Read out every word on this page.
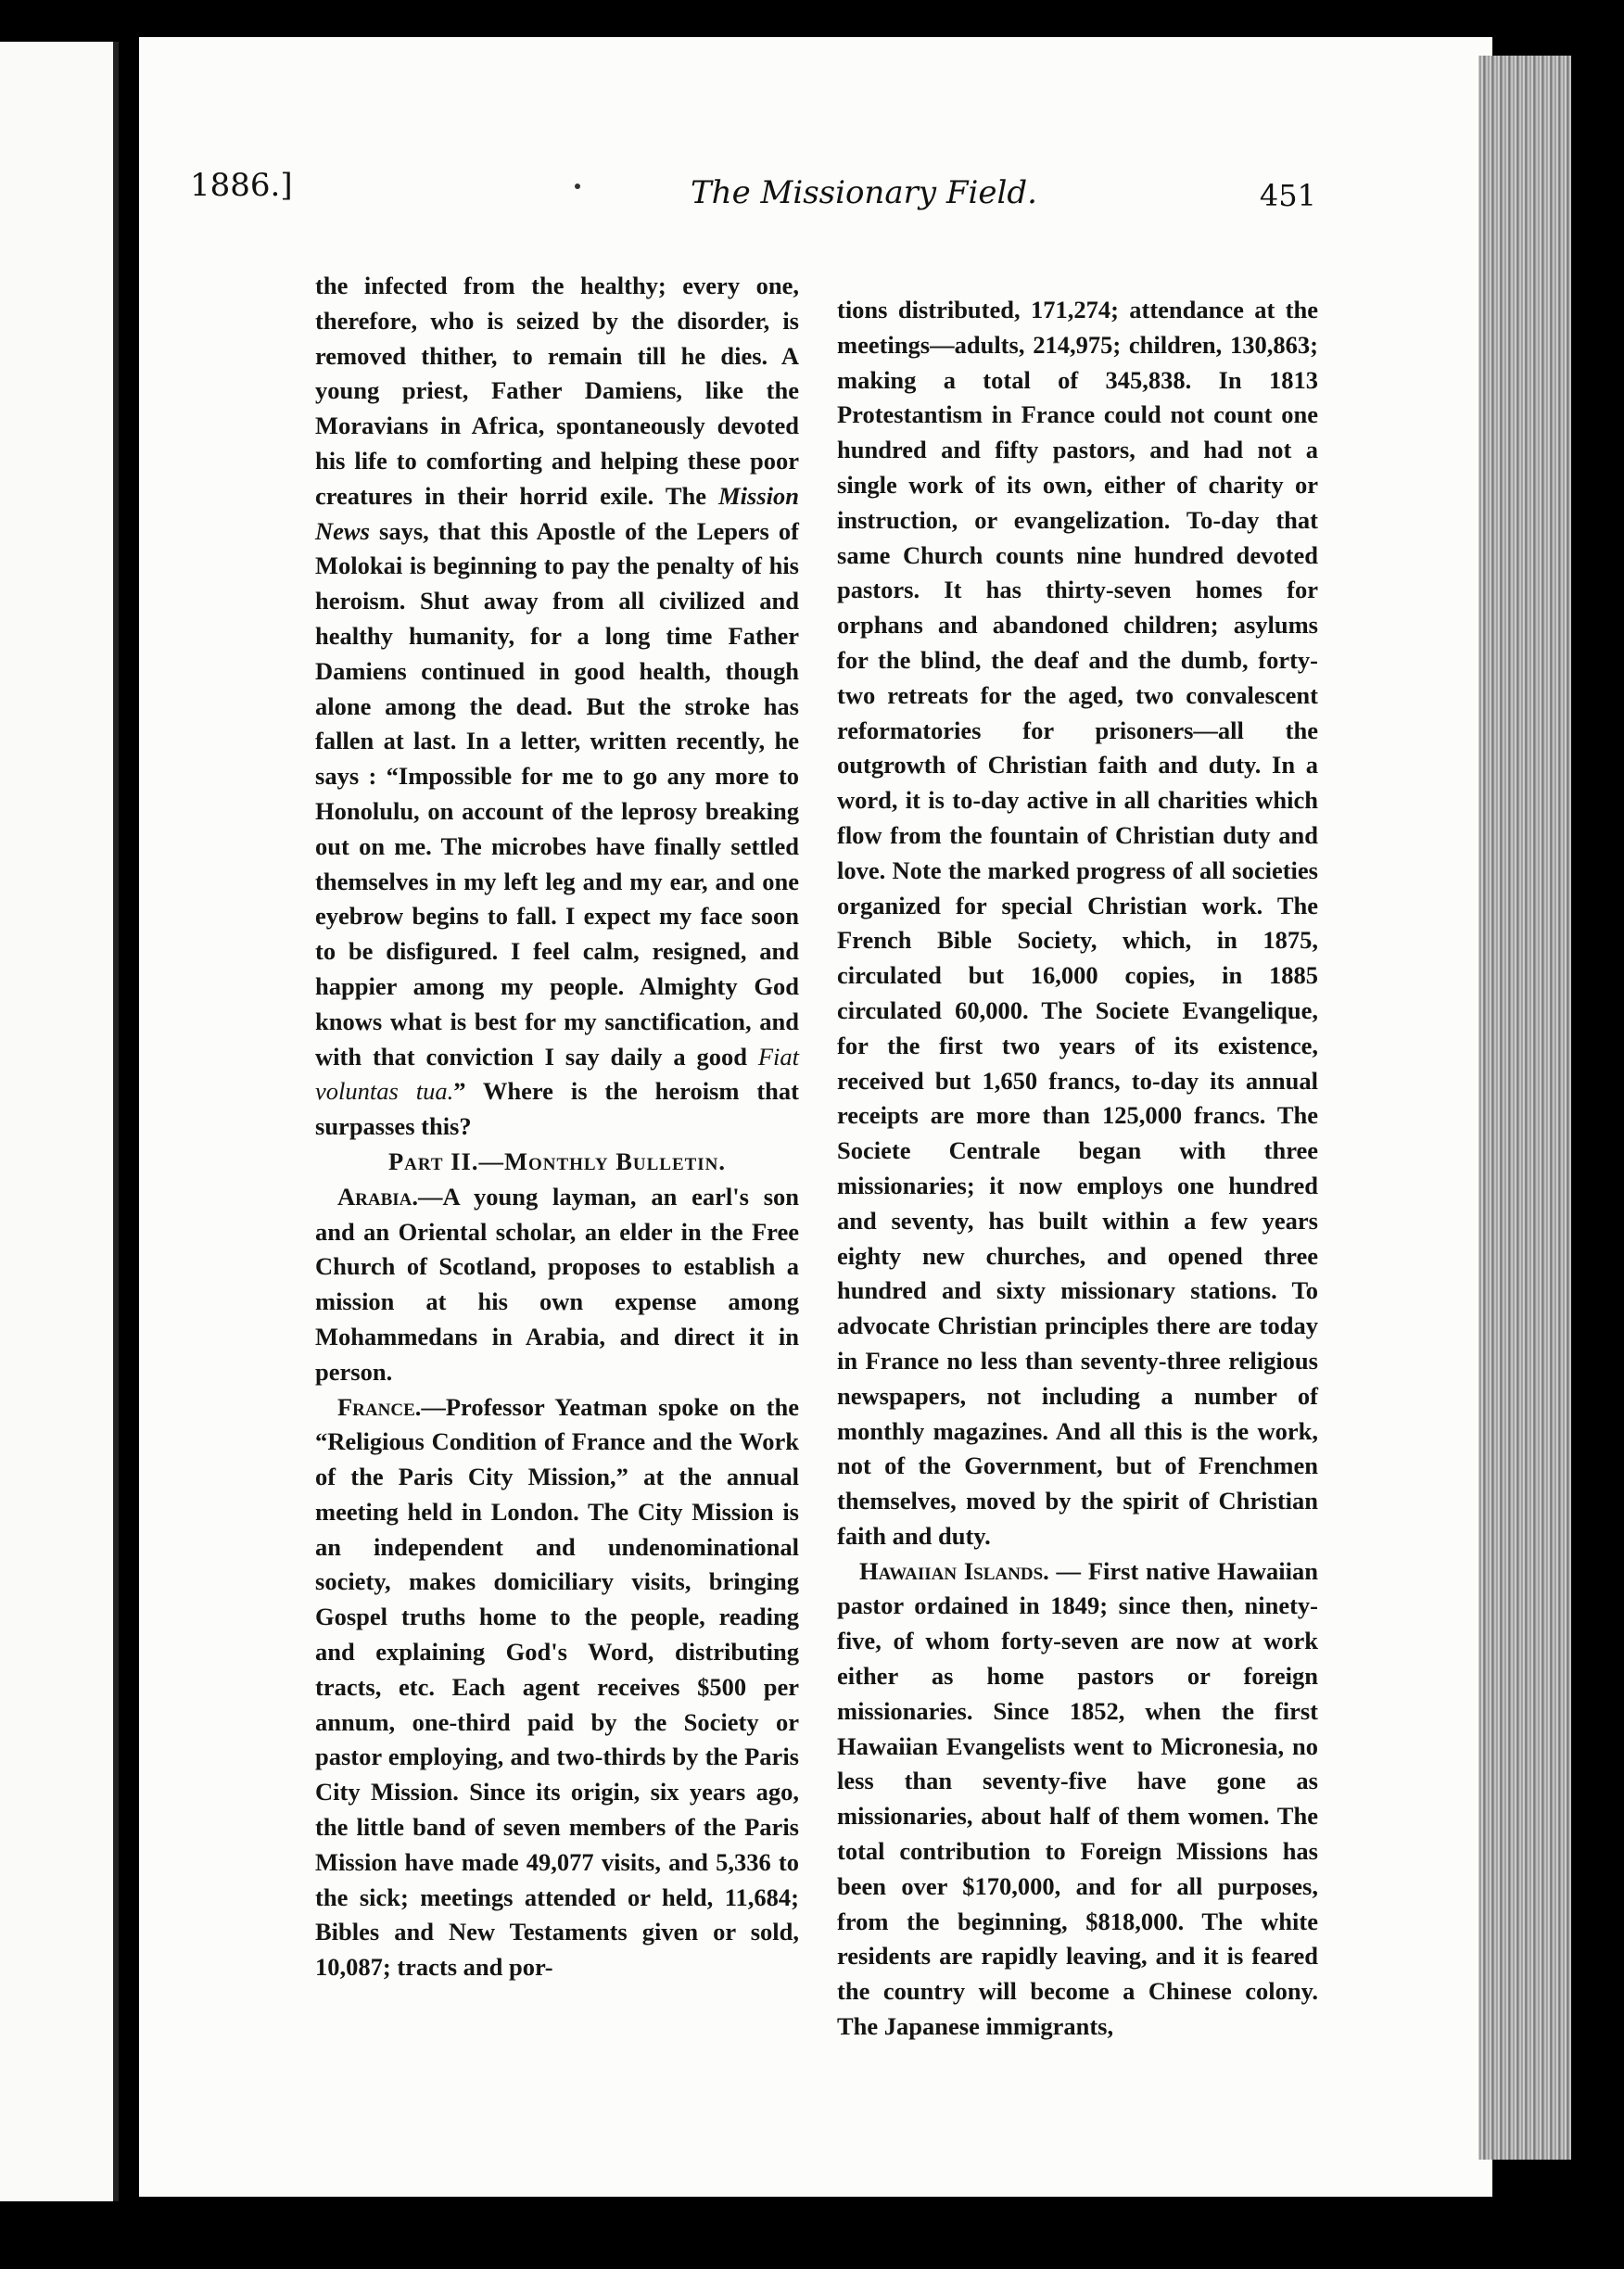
1886.]	The Missionary Field.	451

the infected from the healthy; every one, therefore, who is seized by the disorder, is removed thither, to remain till he dies. A young priest, Father Damiens, like the Moravians in Africa, spontaneously devoted his life to comforting and helping these poor creatures in their horrid exile. The Mission News says, that this Apostle of the Lepers of Molokai is beginning to pay the penalty of his heroism. Shut away from all civilized and healthy humanity, for a long time Father Damiens continued in good health, though alone among the dead. But the stroke has fallen at last. In a letter, written recently, he says : “Impossible for me to go any more to Honolulu, on account of the leprosy breaking out on me. The microbes have finally settled themselves in my left leg and my ear, and one eyebrow begins to fall. I expect my face soon to be disfigured. I feel calm, resigned, and happier among my people. Almighty God knows what is best for my sanctification, and with that conviction I say daily a good Fiat voluntas tua.” Where is the heroism that surpasses this?

Part II.—Monthly Bulletin.

Arabia.—A young layman, an earl's son and an Oriental scholar, an elder in the Free Church of Scotland, proposes to establish a mission at his own expense among Mohammedans in Arabia, and direct it in person.

France.—Professor Yeatman spoke on the “Religious Condition of France and the Work of the Paris City Mission,” at the annual meeting held in London. The City Mission is an independent and undenominational society, makes domiciliary visits, bringing Gospel truths home to the people, reading and explaining God's Word, distributing tracts, etc. Each agent receives $500 per annum, one-third paid by the Society or pastor employing, and two-thirds by the Paris City Mission. Since its origin, six years ago, the little band of seven members of the Paris Mission have made 49,077 visits, and 5,336 to the sick; meetings attended or held, 11,684; Bibles and New Testaments given or sold, 10,087; tracts and por-

tions distributed, 171,274; attendance at the meetings—adults, 214,975; children, 130,863; making a total of 345,838. In 1813 Protestantism in France could not count one hundred and fifty pastors, and had not a single work of its own, either of charity or instruction, or evangelization. To-day that same Church counts nine hundred devoted pastors. It has thirty-seven homes for orphans and abandoned children; asylums for the blind, the deaf and the dumb, forty-two retreats for the aged, two convalescent reformatories for prisoners—all the outgrowth of Christian faith and duty. In a word, it is to-day active in all charities which flow from the fountain of Christian duty and love. Note the marked progress of all societies organized for special Christian work. The French Bible Society, which, in 1875, circulated but 16,000 copies, in 1885 circulated 60,000. The Societe Evangelique, for the first two years of its existence, received but 1,650 francs, to-day its annual receipts are more than 125,000 francs. The Societe Centrale began with three missionaries; it now employs one hundred and seventy, has built within a few years eighty new churches, and opened three hundred and sixty missionary stations. To advocate Christian principles there are today in France no less than seventy-three religious newspapers, not including a number of monthly magazines. And all this is the work, not of the Government, but of Frenchmen themselves, moved by the spirit of Christian faith and duty.

Hawaiian Islands. — First native Hawaiian pastor ordained in 1849; since then, ninety-five, of whom forty-seven are now at work either as home pastors or foreign missionaries. Since 1852, when the first Hawaiian Evangelists went to Micronesia, no less than seventy-five have gone as missionaries, about half of them women. The total contribution to Foreign Missions has been over $170,000, and for all purposes, from the beginning, $818,000. The white residents are rapidly leaving, and it is feared the country will become a Chinese colony. The Japanese immigrants,
